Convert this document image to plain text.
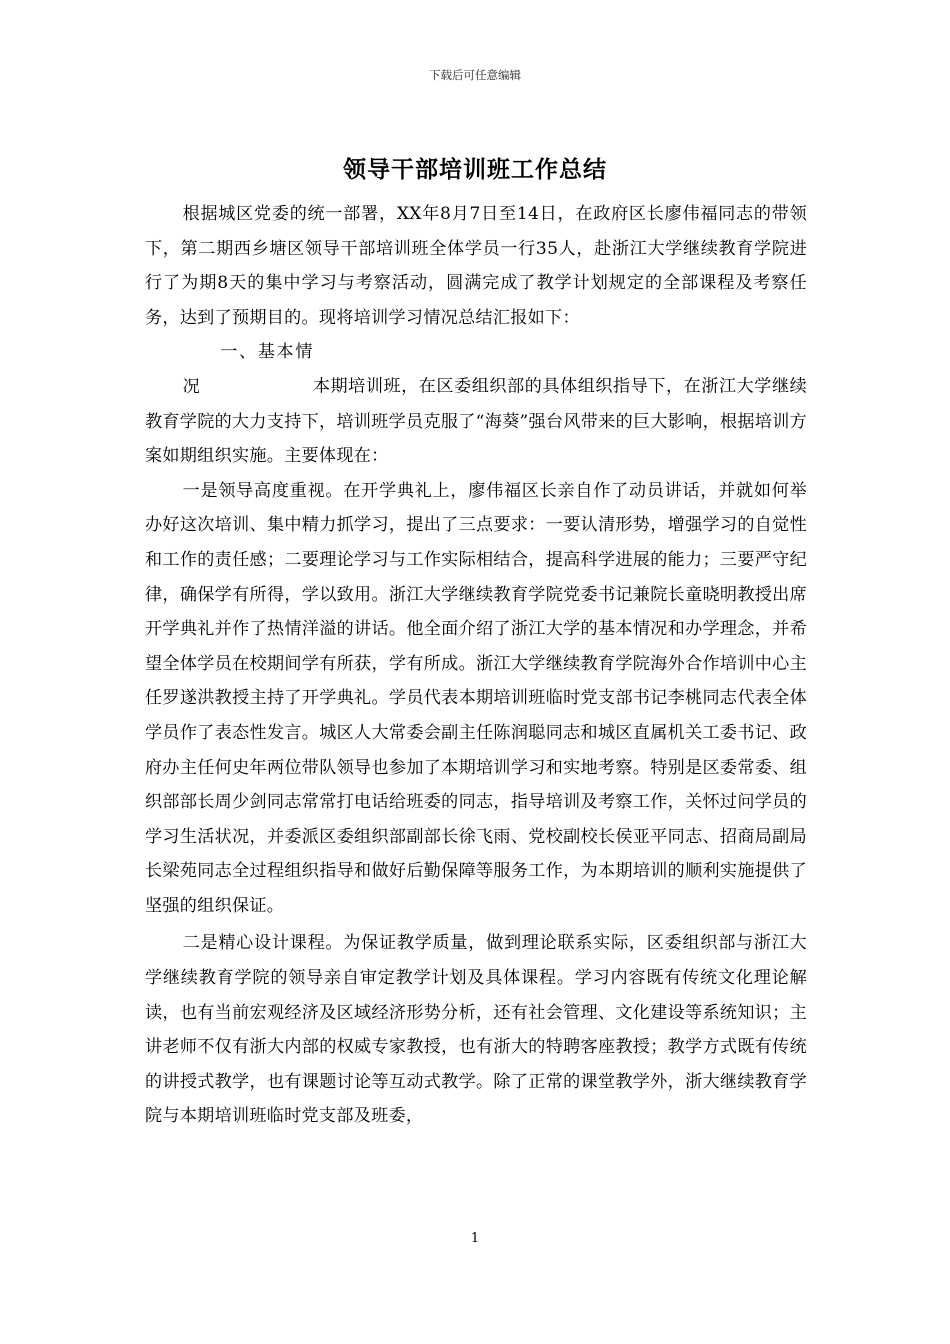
下载后可任意编辑
领导干部培训班工作总结

根据城区党委的统一部署，XX年8月7日至14日，在政府区长廖伟福同志的带领下，第二期西乡塘区领导干部培训班全体学员一行35人，赴浙江大学继续教育学院进行了为期8天的集中学习与考察活动，圆满完成了教学计划规定的全部课程及考察任务，达到了预期目的。现将培训学习情况总结汇报如下：

一、基本情况	本期培训班，在区委组织部的具体组织指导下，在浙江大学继续教育学院的大力支持下，培训班学员克服了“海葵”强台风带来的巨大影响，根据培训方案如期组织实施。主要体现在：

一是领导高度重视。在开学典礼上，廖伟福区长亲自作了动员讲话，并就如何举办好这次培训、集中精力抓学习，提出了三点要求：一要认清形势，增强学习的自觉性和工作的责任感；二要理论学习与工作实际相结合，提高科学进展的能力；三要严守纪律，确保学有所得，学以致用。浙江大学继续教育学院党委书记兼院长童晓明教授出席开学典礼并作了热情洋溢的讲话。他全面介绍了浙江大学的基本情况和办学理念，并希望全体学员在校期间学有所获，学有所成。浙江大学继续教育学院海外合作培训中心主任罗遂洪教授主持了开学典礼。学员代表本期培训班临时党支部书记李桃同志代表全体学员作了表态性发言。城区人大常委会副主任陈润聪同志和城区直属机关工委书记、政府办主任何史年两位带队领导也参加了本期培训学习和实地考察。特别是区委常委、组织部部长周少剑同志常常打电话给班委的同志，指导培训及考察工作，关怀过问学员的学习生活状况，并委派区委组织部副部长徐飞雨、党校副校长侯亚平同志、招商局副局长梁苑同志全过程组织指导和做好后勤保障等服务工作，为本期培训的顺利实施提供了坚强的组织保证。

二是精心设计课程。为保证教学质量，做到理论联系实际，区委组织部与浙江大学继续教育学院的领导亲自审定教学计划及具体课程。学习内容既有传统文化理论解读，也有当前宏观经济及区域经济形势分析，还有社会管理、文化建设等系统知识；主讲老师不仅有浙大内部的权威专家教授，也有浙大的特聘客座教授；教学方式既有传统的讲授式教学，也有课题讨论等互动式教学。除了正常的课堂教学外，浙大继续教育学院与本期培训班临时党支部及班委，

1
